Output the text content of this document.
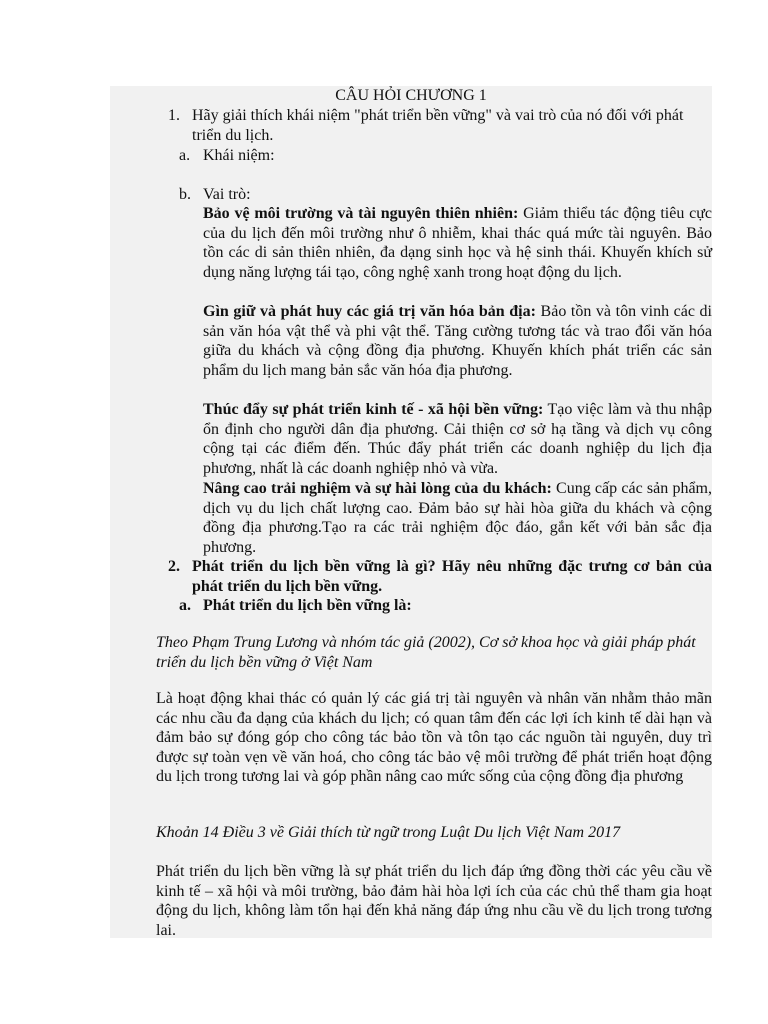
CÂU HỎI CHƯƠNG 1

1. Hãy giải thích khái niệm "phát triển bền vững" và vai trò của nó đối với phát triển du lịch.

a. Khái niệm:

b. Vai trò:

Bảo vệ môi trường và tài nguyên thiên nhiên: Giảm thiểu tác động tiêu cực của du lịch đến môi trường như ô nhiễm, khai thác quá mức tài nguyên. Bảo tồn các di sản thiên nhiên, đa dạng sinh học và hệ sinh thái. Khuyến khích sử dụng năng lượng tái tạo, công nghệ xanh trong hoạt động du lịch.

Gìn giữ và phát huy các giá trị văn hóa bản địa: Bảo tồn và tôn vinh các di sản văn hóa vật thể và phi vật thể. Tăng cường tương tác và trao đổi văn hóa giữa du khách và cộng đồng địa phương. Khuyến khích phát triển các sản phẩm du lịch mang bản sắc văn hóa địa phương.

Thúc đẩy sự phát triển kinh tế - xã hội bền vững: Tạo việc làm và thu nhập ổn định cho người dân địa phương. Cải thiện cơ sở hạ tầng và dịch vụ công cộng tại các điểm đến. Thúc đẩy phát triển các doanh nghiệp du lịch địa phương, nhất là các doanh nghiệp nhỏ và vừa.

Nâng cao trải nghiệm và sự hài lòng của du khách: Cung cấp các sản phẩm, dịch vụ du lịch chất lượng cao. Đảm bảo sự hài hòa giữa du khách và cộng đồng địa phương.Tạo ra các trải nghiệm độc đáo, gắn kết với bản sắc địa phương.

2. Phát triển du lịch bền vững là gì? Hãy nêu những đặc trưng cơ bản của phát triển du lịch bền vững.

a. Phát triển du lịch bền vững là:

Theo Phạm Trung Lương và nhóm tác giả (2002), Cơ sở khoa học và giải pháp phát triển du lịch bền vững ở Việt Nam

Là hoạt động khai thác có quản lý các giá trị tài nguyên và nhân văn nhằm thảo mãn các nhu cầu đa dạng của khách du lịch; có quan tâm đến các lợi ích kinh tế dài hạn và đảm bảo sự đóng góp cho công tác bảo tồn và tôn tạo các nguồn tài nguyên, duy trì được sự toàn vẹn về văn hoá, cho công tác bảo vệ môi trường để phát triển hoạt động du lịch trong tương lai và góp phần nâng cao mức sống của cộng đồng địa phương

Khoản 14 Điều 3 về Giải thích từ ngữ trong Luật Du lịch Việt Nam 2017

Phát triển du lịch bền vững là sự phát triển du lịch đáp ứng đồng thời các yêu cầu về kinh tế – xã hội và môi trường, bảo đảm hài hòa lợi ích của các chủ thể tham gia hoạt động du lịch, không làm tổn hại đến khả năng đáp ứng nhu cầu về du lịch trong tương lai.
